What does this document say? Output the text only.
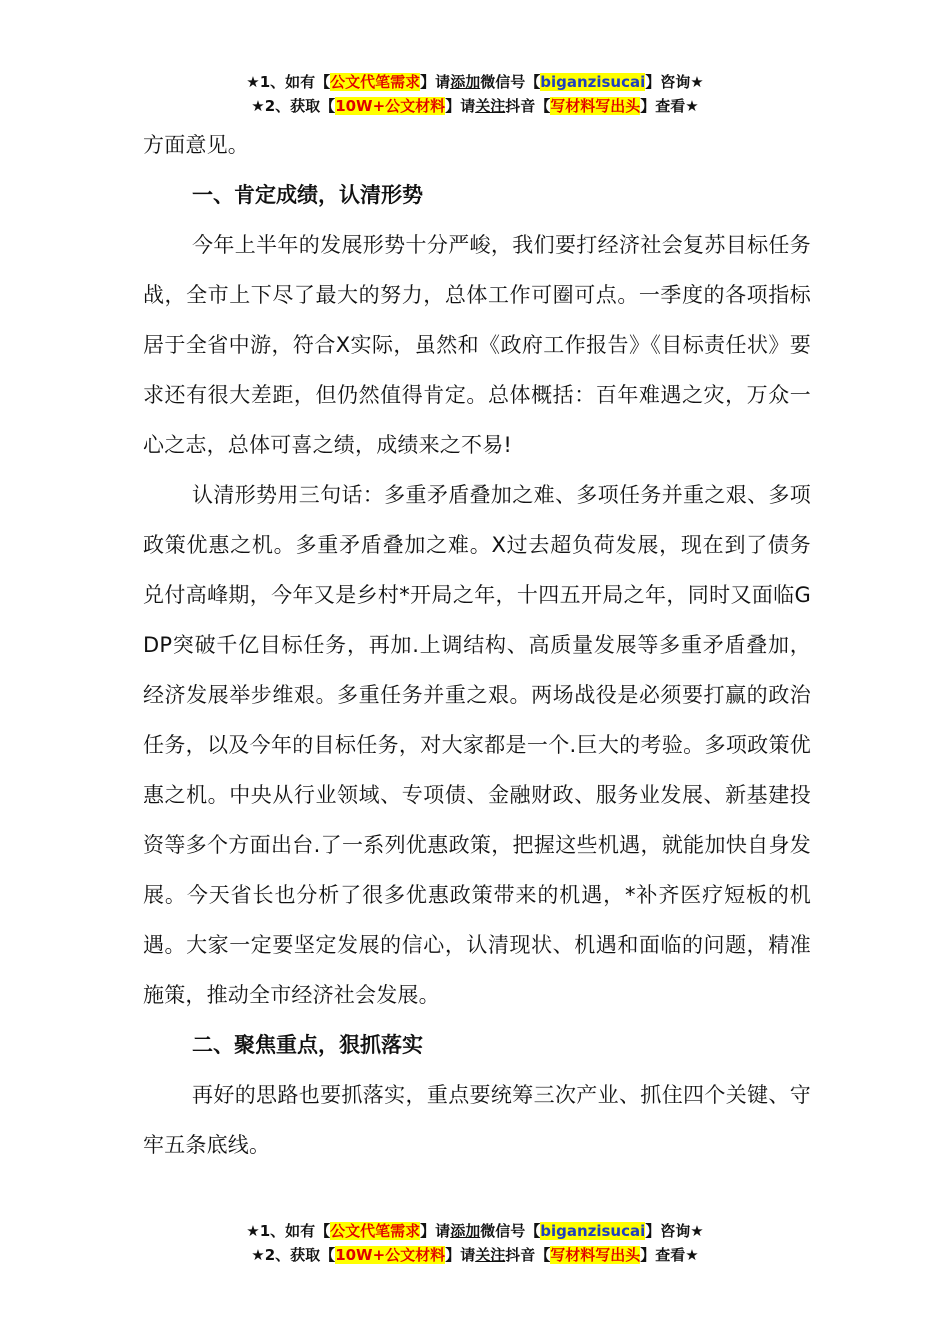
★1、如有【公文代笔需求】请添加微信号【biganzisucai】咨询★
★2、获取【10W+公文材料】请关注抖音【写材料写出头】查看★

方面意见。

一、肯定成绩，认清形势

今年上半年的发展形势十分严峻，我们要打经济社会复苏目标任务战，全市上下尽了最大的努力，总体工作可圈可点。一季度的各项指标居于全省中游，符合X实际，虽然和《政府工作报告》《目标责任状》要求还有很大差距，但仍然值得肯定。总体概括：百年难遇之灾，万众一心之志，总体可喜之绩，成绩来之不易!

认清形势用三句话：多重矛盾叠加之难、多项任务并重之艰、多项政策优惠之机。多重矛盾叠加之难。X过去超负荷发展，现在到了债务兑付高峰期，今年又是乡村*开局之年，十四五开局之年，同时又面临GDP突破千亿目标任务，再加.上调结构、高质量发展等多重矛盾叠加，经济发展举步维艰。多重任务并重之艰。两场战役是必须要打赢的政治任务，以及今年的目标任务，对大家都是一个.巨大的考验。多项政策优惠之机。中央从行业领域、专项债、金融财政、服务业发展、新基建投资等多个方面出台.了一系列优惠政策，把握这些机遇，就能加快自身发展。今天省长也分析了很多优惠政策带来的机遇，*补齐医疗短板的机遇。大家一定要坚定发展的信心，认清现状、机遇和面临的问题，精准施策，推动全市经济社会发展。

二、聚焦重点，狠抓落实

再好的思路也要抓落实，重点要统筹三次产业、抓住四个关键、守牢五条底线。

★1、如有【公文代笔需求】请添加微信号【biganzisucai】咨询★
★2、获取【10W+公文材料】请关注抖音【写材料写出头】查看★
